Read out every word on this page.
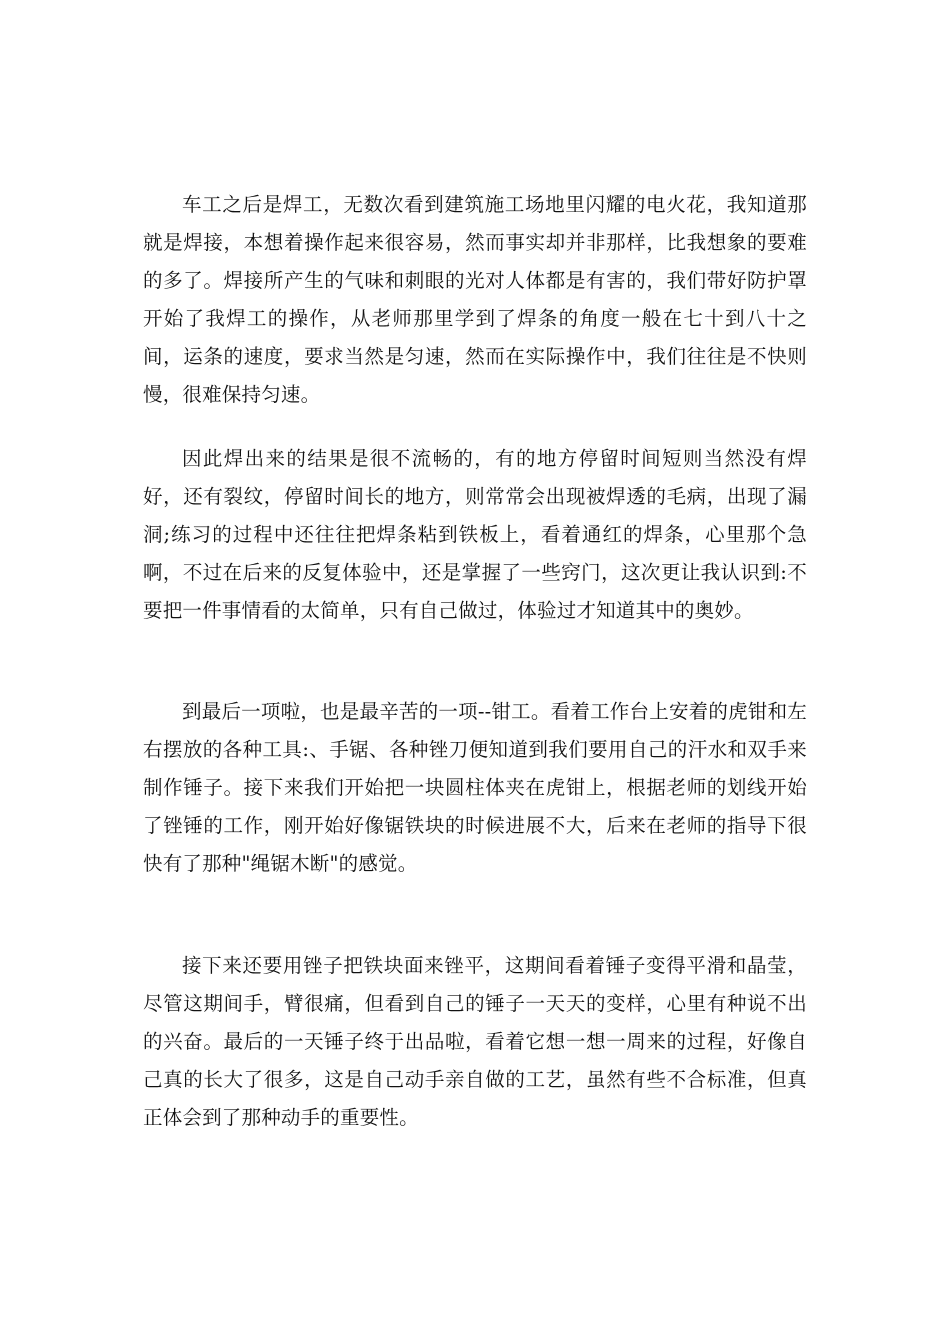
车工之后是焊工，无数次看到建筑施工场地里闪耀的电火花，我知道那就是焊接，本想着操作起来很容易，然而事实却并非那样，比我想象的要难的多了。焊接所产生的气味和刺眼的光对人体都是有害的，我们带好防护罩开始了我焊工的操作，从老师那里学到了焊条的角度一般在七十到八十之间，运条的速度，要求当然是匀速，然而在实际操作中，我们往往是不快则慢，很难保持匀速。

因此焊出来的结果是很不流畅的，有的地方停留时间短则当然没有焊好，还有裂纹，停留时间长的地方，则常常会出现被焊透的毛病，出现了漏洞;练习的过程中还往往把焊条粘到铁板上，看着通红的焊条，心里那个急啊，不过在后来的反复体验中，还是掌握了一些窍门，这次更让我认识到:不要把一件事情看的太简单，只有自己做过，体验过才知道其中的奥妙。

到最后一项啦，也是最辛苦的一项--钳工。看着工作台上安着的虎钳和左右摆放的各种工具:、手锯、各种锉刀便知道到我们要用自己的汗水和双手来制作锤子。接下来我们开始把一块圆柱体夹在虎钳上，根据老师的划线开始了锉锤的工作，刚开始好像锯铁块的时候进展不大，后来在老师的指导下很快有了那种"绳锯木断"的感觉。

接下来还要用锉子把铁块面来锉平，这期间看着锤子变得平滑和晶莹，尽管这期间手，臂很痛，但看到自己的锤子一天天的变样，心里有种说不出的兴奋。最后的一天锤子终于出品啦，看着它想一想一周来的过程，好像自己真的长大了很多，这是自己动手亲自做的工艺，虽然有些不合标准，但真正体会到了那种动手的重要性。
